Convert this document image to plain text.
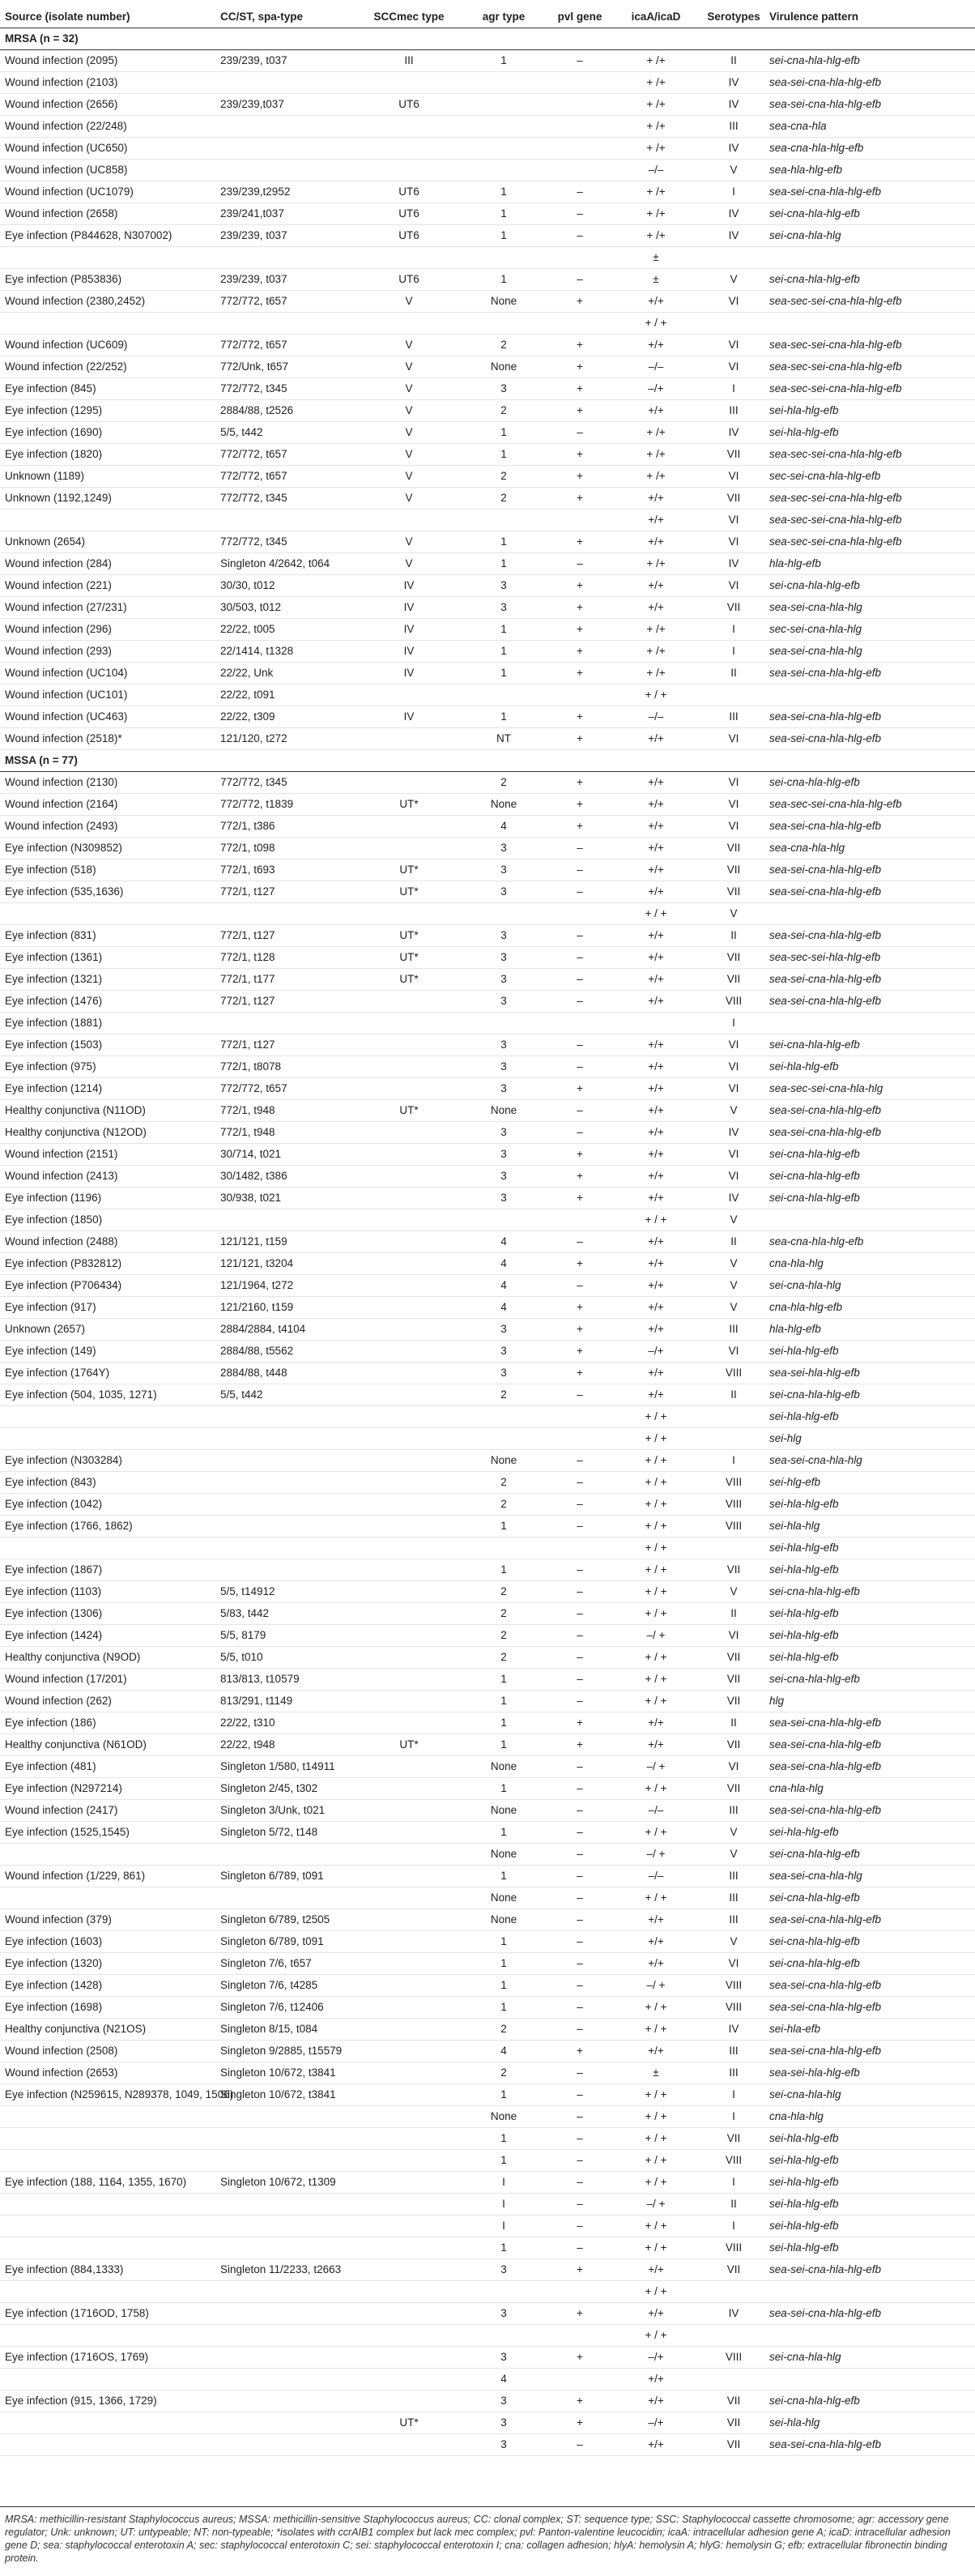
Source (isolate number)	CC/ST, spa-type	SCCmec type	agr type	pvl gene	icaA/icaD	Serotypes	Virulence pattern
MRSA (n = 32)							
Wound infection (2095)	239/239, t037	III	1	–	+ /+	II	sei-cna-hla-hlg-efb
Wound infection (2103)					+ /+	IV	sea-sei-cna-hla-hlg-efb
Wound infection (2656)	239/239,t037	UT6			+ /+	IV	sea-sei-cna-hla-hlg-efb
Wound infection (22/248)					+ /+	III	sea-cna-hla
Wound infection (UC650)					+ /+	IV	sea-cna-hla-hlg-efb
Wound infection (UC858)					–/–	V	sea-hla-hlg-efb
Wound infection (UC1079)	239/239,t2952	UT6	1	–	+ /+	I	sea-sei-cna-hla-hlg-efb
Wound infection (2658)	239/241,t037	UT6	1	–	+ /+	IV	sei-cna-hla-hlg-efb
Eye infection (P844628, N307002)	239/239, t037	UT6	1	–	+ /+	IV	sei-cna-hla-hlg
					±		
Eye infection (P853836)	239/239, t037	UT6	1	–	±	V	sei-cna-hla-hlg-efb
Wound infection (2380,2452)	772/772, t657	V	None	+	+/+	VI	sea-sec-sei-cna-hla-hlg-efb
					+ / +		
Wound infection (UC609)	772/772, t657	V	2	+	+/+	VI	sea-sec-sei-cna-hla-hlg-efb
Wound infection (22/252)	772/Unk, t657	V	None	+	–/–	VI	sea-sec-sei-cna-hla-hlg-efb
Eye infection (845)	772/772, t345	V	3	+	–/+	I	sea-sec-sei-cna-hla-hlg-efb
Eye infection (1295)	2884/88, t2526	V	2	+	+/+	III	sei-hla-hlg-efb
Eye infection (1690)	5/5, t442	V	1	–	+ /+	IV	sei-hla-hlg-efb
Eye infection (1820)	772/772, t657	V	1	+	+ /+	VII	sea-sec-sei-cna-hla-hlg-efb
Unknown (1189)	772/772, t657	V	2	+	+ /+	VI	sec-sei-cna-hla-hlg-efb
Unknown (1192,1249)	772/772, t345	V	2	+	+/+	VII	sea-sec-sei-cna-hla-hlg-efb
					+/+	VI	sea-sec-sei-cna-hla-hlg-efb
Unknown (2654)	772/772, t345	V	1	+	+/+	VI	sea-sec-sei-cna-hla-hlg-efb
Wound infection (284)	Singleton 4/2642, t064	V	1	–	+ /+	IV	hla-hlg-efb
Wound infection (221)	30/30, t012	IV	3	+	+/+	VI	sei-cna-hla-hlg-efb
Wound infection (27/231)	30/503, t012	IV	3	+	+/+	VII	sea-sei-cna-hla-hlg
Wound infection (296)	22/22, t005	IV	1	+	+ /+	I	sec-sei-cna-hla-hlg
Wound infection (293)	22/1414, t1328	IV	1	+	+ /+	I	sea-sei-cna-hla-hlg
Wound infection (UC104)	22/22, Unk	IV	1	+	+ /+	II	sea-sei-cna-hla-hlg-efb
Wound infection (UC101)	22/22, t091				+ / +		
Wound infection (UC463)	22/22, t309	IV	1	+	–/–	III	sea-sei-cna-hla-hlg-efb
Wound infection (2518)*	121/120, t272		NT	+	+/+	VI	sea-sei-cna-hla-hlg-efb
MSSA (n = 77)							
Wound infection (2130)	772/772, t345		2	+	+/+	VI	sei-cna-hla-hlg-efb
Wound infection (2164)	772/772, t1839	UT*	None	+	+/+	VI	sea-sec-sei-cna-hla-hlg-efb
Wound infection (2493)	772/1, t386		4	+	+/+	VI	sea-sei-cna-hla-hlg-efb
Eye infection (N309852)	772/1, t098		3	–	+/+	VII	sea-cna-hla-hlg
Eye infection (518)	772/1, t693	UT*	3	–	+/+	VII	sea-sei-cna-hla-hlg-efb
Eye infection (535,1636)	772/1, t127	UT*	3	–	+/+	VII	sea-sei-cna-hla-hlg-efb
					+ / +	V	
Eye infection (831)	772/1, t127	UT*	3	–	+/+	II	sea-sei-cna-hla-hlg-efb
Eye infection (1361)	772/1, t128	UT*	3	–	+/+	VII	sea-sec-sei-hla-hlg-efb
Eye infection (1321)	772/1, t177	UT*	3	–	+/+	VII	sea-sei-cna-hla-hlg-efb
Eye infection (1476)	772/1, t127		3	–	+/+	VIII	sea-sei-cna-hla-hlg-efb
Eye infection (1881)						I	
Eye infection (1503)	772/1, t127		3	–	+/+	VI	sei-cna-hla-hlg-efb
Eye infection (975)	772/1, t8078		3	–	+/+	VI	sei-hla-hlg-efb
Eye infection (1214)	772/772, t657		3	+	+/+	VI	sea-sec-sei-cna-hla-hlg
Healthy conjunctiva (N11OD)	772/1, t948	UT*	None	–	+/+	V	sea-sei-cna-hla-hlg-efb
Healthy conjunctiva (N12OD)	772/1, t948		3	–	+/+	IV	sea-sei-cna-hla-hlg-efb
Wound infection (2151)	30/714, t021		3	+	+/+	VI	sei-cna-hla-hlg-efb
Wound infection (2413)	30/1482, t386		3	+	+/+	VI	sei-cna-hla-hlg-efb
Eye infection (1196)	30/938, t021		3	+	+/+	IV	sei-cna-hla-hlg-efb
Eye infection (1850)					+ / +	V	
Wound infection (2488)	121/121, t159		4	–	+/+	II	sea-cna-hla-hlg-efb
Eye infection (P832812)	121/121, t3204		4	+	+/+	V	cna-hla-hlg
Eye infection (P706434)	121/1964, t272		4	–	+/+	V	sei-cna-hla-hlg
Eye infection (917)	121/2160, t159		4	+	+/+	V	cna-hla-hlg-efb
Unknown (2657)	2884/2884, t4104		3	+	+/+	III	hla-hlg-efb
Eye infection (149)	2884/88, t5562		3	+	–/+	VI	sei-hla-hlg-efb
Eye infection (1764Y)	2884/88, t448		3	+	+/+	VIII	sea-sei-hla-hlg-efb
Eye infection (504, 1035, 1271)	5/5, t442		2	–	+/+	II	sei-cna-hla-hlg-efb
					+ / +		sei-hla-hlg-efb
					+ / +		sei-hlg
Eye infection (N303284)			None	–	+ / +	I	sea-sei-cna-hla-hlg
Eye infection (843)			2	–	+ / +	VIII	sei-hlg-efb
Eye infection (1042)			2	–	+ / +	VIII	sei-hla-hlg-efb
Eye infection (1766, 1862)			1	–	+ / +	VIII	sei-hla-hlg
					+ / +		sei-hla-hlg-efb
Eye infection (1867)			1	–	+ / +	VII	sei-hla-hlg-efb
Eye infection (1103)	5/5, t14912		2	–	+ / +	V	sei-cna-hla-hlg-efb
Eye infection (1306)	5/83, t442		2	–	+ / +	II	sei-hla-hlg-efb
Eye infection (1424)	5/5, 8179		2	–	–/ +	VI	sei-hla-hlg-efb
Healthy conjunctiva (N9OD)	5/5, t010		2	–	+ / +	VII	sei-hla-hlg-efb
Wound infection (17/201)	813/813, t10579		1	–	+ / +	VII	sei-cna-hla-hlg-efb
Wound infection (262)	813/291, t1149		1	–	+ / +	VII	hlg
Eye infection (186)	22/22, t310		1	+	+/+	II	sea-sei-cna-hla-hlg-efb
Healthy conjunctiva (N61OD)	22/22, t948	UT*	1	+	+/+	VII	sea-sei-cna-hla-hlg-efb
Eye infection (481)	Singleton 1/580, t14911		None	–	–/ +	VI	sea-sei-cna-hla-hlg-efb
Eye infection (N297214)	Singleton 2/45, t302		1	–	+ / +	VII	cna-hla-hlg
Wound infection (2417)	Singleton 3/Unk, t021		None	–	–/–	III	sea-sei-cna-hla-hlg-efb
Eye infection (1525,1545)	Singleton 5/72, t148		1	–	+ / +	V	sei-hla-hlg-efb
			None	–	–/ +	V	sei-cna-hla-hlg-efb
Wound infection (1/229, 861)	Singleton 6/789, t091		1	–	–/–	III	sea-sei-cna-hla-hlg
			None	–	+ / +	III	sei-cna-hla-hlg-efb
Wound infection (379)	Singleton 6/789, t2505		None	–	+/+	III	sea-sei-cna-hla-hlg-efb
Eye infection (1603)	Singleton 6/789, t091		1	–	+/+	V	sei-cna-hla-hlg-efb
Eye infection (1320)	Singleton 7/6, t657		1	–	+/+	VI	sei-cna-hla-hlg-efb
Eye infection (1428)	Singleton 7/6, t4285		1	–	–/ +	VIII	sea-sei-cna-hla-hlg-efb
Eye infection (1698)	Singleton 7/6, t12406		1	–	+ / +	VIII	sea-sei-cna-hla-hlg-efb
Healthy conjunctiva (N21OS)	Singleton 8/15, t084		2	–	+ / +	IV	sei-hla-efb
Wound infection (2508)	Singleton 9/2885, t15579		4	+	+/+	III	sea-sei-cna-hla-hlg-efb
Wound infection (2653)	Singleton 10/672, t3841		2	–	±	III	sea-sei-hla-hlg-efb
Eye infection (N259615, N289378, 1049, 1506)	Singleton 10/672, t3841		1	–	+ / +	I	sei-cna-hla-hlg
			None	–	+ / +	I	cna-hla-hlg
			1	–	+ / +	VII	sei-hla-hlg-efb
			1	–	+ / +	VIII	sei-hla-hlg-efb
Eye infection (188, 1164, 1355, 1670)	Singleton 10/672, t1309		I	–	+ / +	I	sei-hla-hlg-efb
			I	–	–/ +	II	sei-hla-hlg-efb
			I	–	+ / +	I	sei-hla-hlg-efb
			1	–	+ / +	VIII	sei-hla-hlg-efb
Eye infection (884,1333)	Singleton 11/2233, t2663		3	+	+/+	VII	sea-sei-cna-hla-hlg-efb
					+ / +		
Eye infection (1716OD, 1758)			3	+	+/+	IV	sea-sei-cna-hla-hlg-efb
					+ / +		
Eye infection (1716OS, 1769)			3	+	–/+	VIII	sei-cna-hla-hlg
			4		+/+		
Eye infection (915, 1366, 1729)			3	+	+/+	VII	sei-cna-hla-hlg-efb
		UT*	3	+	–/+	VII	sei-hla-hlg
			3	–	+/+	VII	sea-sei-cna-hla-hlg-efb
MRSA: methicillin-resistant Staphylococcus aureus; MSSA: methicillin-sensitive Staphylococcus aureus; CC: clonal complex; ST: sequence type; SSC: Staphylococcal cassette chromosome; agr: accessory gene regulator; Unk: unknown; UT: untypeable; NT: non-typeable; *isolates with ccrAIB1 complex but lack mec complex; pvl: Panton-valentine leucocidin; icaA: intracellular adhesion gene A; icaD: intracellular adhesion gene D; sea: staphylococcal enterotoxin A; sec: staphylococcal enterotoxin C; sei: staphylococcal enterotoxin I; cna: collagen adhesion; hlyA: hemolysin A; hlyG: hemolysin G; efb: extracellular fibronectin binding protein.
